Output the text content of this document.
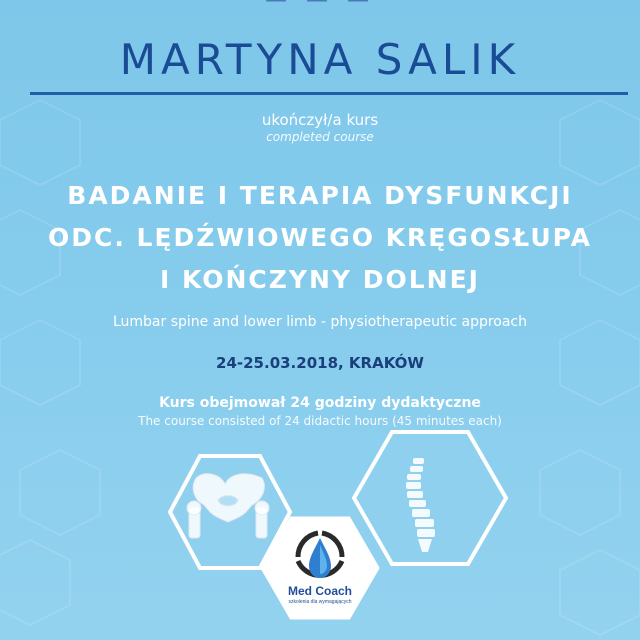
— — —
MARTYNA SALIK
ukończył/a kurs
completed course
BADANIE I TERAPIA DYSFUNKCJI
ODC. LĘDŹWIOWEGO KRĘGOSŁUPA
I KOŃCZYNY DOLNEJ
Lumbar spine and lower limb - physiotherapeutic approach
24-25.03.2018, KRAKÓW
Kurs obejmował 24 godziny dydaktyczne
The course consisted of 24 didactic hours (45 minutes each)
Med Coach
szkolenia dla wymagających
